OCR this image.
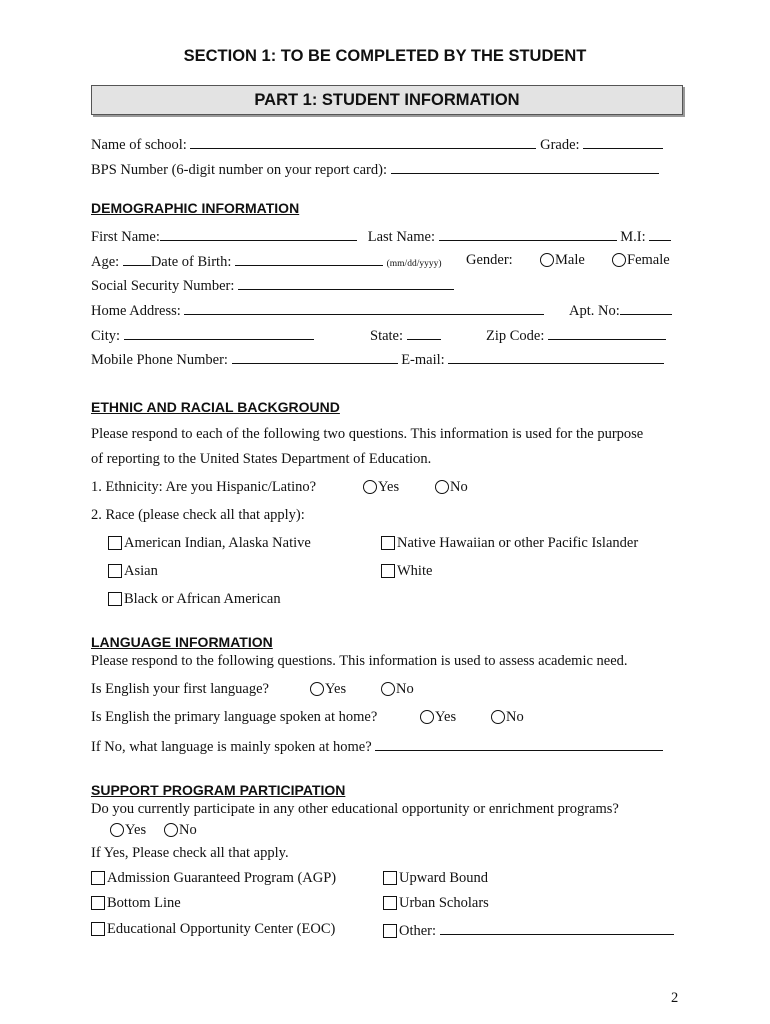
SECTION 1: TO BE COMPLETED BY THE STUDENT
PART 1: STUDENT INFORMATION
Name of school:	Grade:
BPS Number (6-digit number on your report card):
DEMOGRAPHIC INFORMATION
First Name:	Last Name:	M.I:
Age: Date of Birth:	(mm/dd/yyyy) Gender:	Male	Female
Social Security Number:
Home Address:	Apt. No:
City:	State:	Zip Code:
Mobile Phone Number:	E-mail:
ETHNIC AND RACIAL BACKGROUND
Please respond to each of the following two questions. This information is used for the purpose
of reporting to the United States Department of Education.
1. Ethnicity: Are you Hispanic/Latino?	Yes	No
2. Race (please check all that apply):
American Indian, Alaska Native	Native Hawaiian or other Pacific Islander
Asian	White
Black or African American
LANGUAGE INFORMATION
Please respond to the following questions. This information is used to assess academic need.
Is English your first language?	Yes	No
Is English the primary language spoken at home?	Yes	No
If No, what language is mainly spoken at home?
SUPPORT PROGRAM PARTICIPATION
Do you currently participate in any other educational opportunity or enrichment programs?
Yes	No
If Yes, Please check all that apply.
Admission Guaranteed Program (AGP)	Upward Bound
Bottom Line	Urban Scholars
Educational Opportunity Center (EOC)	Other:
2
